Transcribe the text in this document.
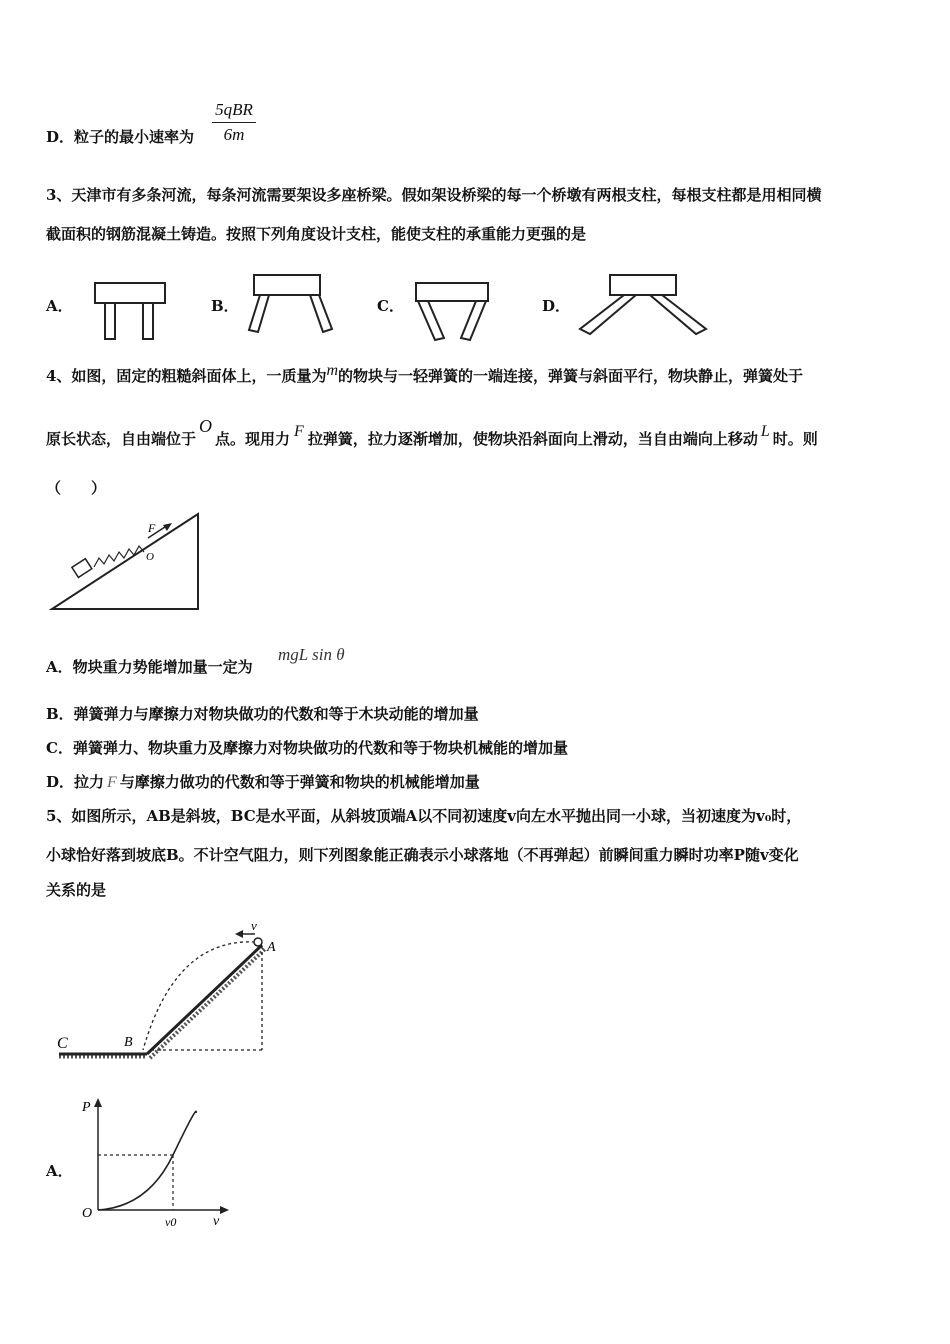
D．粒子的最小速率为
5qBR
6m
3、天津市有多条河流，每条河流需要架设多座桥梁。假如架设桥梁的每一个桥墩有两根支柱，每根支柱都是用相同横
截面积的钢筋混凝土铸造。按照下列角度设计支柱，能使支柱的承重能力更强的是
A．	B．	C．	D．
4、如图，固定的粗糙斜面体上，一质量为m的物块与一轻弹簧的一端连接，弹簧与斜面平行，物块静止，弹簧处于
原长状态，自由端位于O点。现用力 F 拉弹簧，拉力逐渐增加，使物块沿斜面向上滑动，当自由端向上移动 L 时。则
（　　）
F
O
A．物块重力势能增加量一定为
mgL sin θ
B．弹簧弹力与摩擦力对物块做功的代数和等于木块动能的增加量
C．弹簧弹力、物块重力及摩擦力对物块做功的代数和等于物块机械能的增加量
D．拉力 F 与摩擦力做功的代数和等于弹簧和物块的机械能增加量
5、如图所示，AB是斜坡，BC是水平面，从斜坡顶端A以不同初速度v向左水平抛出同一小球，当初速度为v₀时，
小球恰好落到坡底B。不计空气阻力，则下列图象能正确表示小球落地（不再弹起）前瞬间重力瞬时功率P随v变化
关系的是
v
A
B
C
A．
P
O
v0	v
